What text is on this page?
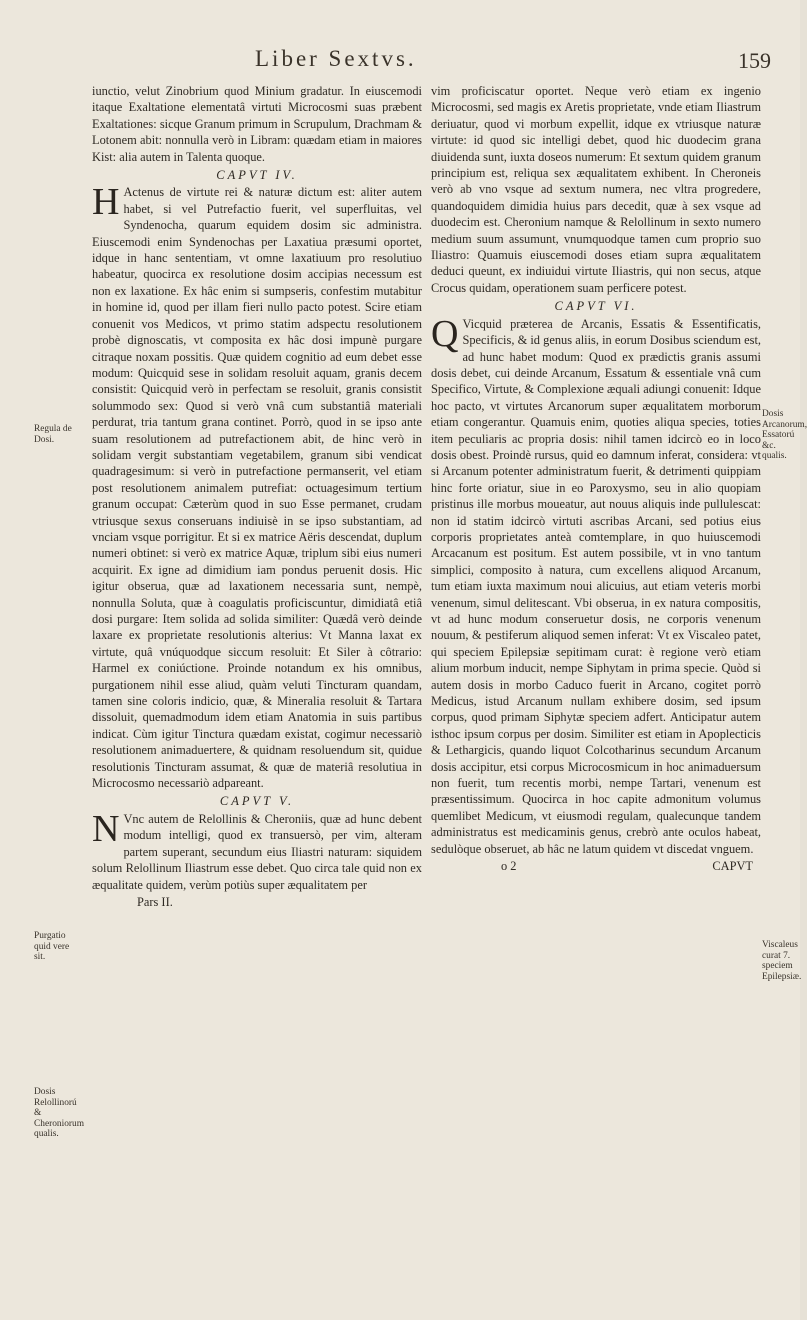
Liber Sextvs.	159

iunctio, velut Zinobrium quod Minium gradatur. In eiuscemodi itaque Exaltatione elementatâ virtuti Microcosmi suas præbent Exaltationes: sicque Granum primum in Scrupulum, Drachmam & Lotonem abit: nonnulla verò in Libram: quædam etiam in maiores Kist: alia autem in Talenta quoque.

CAPVT IV.

H Actenus de virtute rei & naturæ dictum est: aliter autem habet, si vel Putrefactio fuerit, vel superfluitas, vel Syndenocha, quarum equidem dosim sic administra. Eiuscemodi enim Syndenochas per Laxatiua præsumi oportet, idque in hanc sententiam, vt omne laxatiuum pro resolutiuo habeatur, quocirca ex resolutione dosim accipias necessum est non ex laxatione. Ex hâc enim si sumpseris, confestim mutabitur in homine id, quod per illam fieri nullo pacto potest. Scire etiam conuenit vos Medicos, vt primo statim adspectu resolutionem probè dignoscatis, vt composita ex hâc dosi impunè purgare citraque noxam possitis. Quæ quidem cognitio ad eum debet esse modum: Quicquid sese in solidam resoluit aquam, granis decem consistit: Quicquid verò in perfectam se resoluit, granis consistit solummodo sex: Quod si verò vnâ cum substantiâ materiali perdurat, tria tantum grana continet. Porrò, quod in se ipso ante suam resolutionem ad putrefactionem abit, de hinc verò in solidam vergit substantiam vegetabilem, granum sibi vendicat quadragesimum: si verò in putrefactione permanserit, vel etiam post resolutionem animalem putrefiat: octuagesimum tertium granum occupat: Cæterùm quod in suo Esse permanet, crudam vtriusque sexus conseruans indiuisè in se ipso substantiam, ad vnciam vsque porrigitur. Et si ex matrice Aëris descendat, duplum numeri obtinet: si verò ex matrice Aquæ, triplum sibi eius numeri acquirit. Ex igne ad dimidium iam pondus peruenit dosis. Hic igitur obserua, quæ ad laxationem necessaria sunt, nempè, nonnulla Soluta, quæ à coagulatis proficiscuntur, dimidiatâ etiâ dosi purgare: Item solida ad solida similiter: Quædâ verò deinde laxare ex proprietate resolutionis alterius: Vt Manna laxat ex virtute, quâ vnúquodque siccum resoluit: Et Siler à côtrario: Harmel ex coniúctione. Proinde notandum ex his omnibus, purgationem nihil esse aliud, quàm veluti Tincturam quandam, tamen sine coloris indicio, quæ, & Mineralia resoluit & Tartara dissoluit, quemadmodum idem etiam Anatomia in suis partibus indicat. Cùm igitur Tinctura quædam existat, cogimur necessariò resolutionem animaduertere, & quidnam resoluendum sit, quidue resolutionis Tincturam assumat, & quæ de materiâ resolutiua in Microcosmo necessariò adpareant.

CAPVT V.

N Vnc autem de Relollinis & Cheroniis, quæ ad hunc debent modum intelligi, quod ex transuersò, per vim, alteram partem superant, secundum eius Iliastri naturam: siquidem solum Relollinum Iliastrum esse debet. Quo circa tale quid non ex æqualitate quidem, verùm potiùs super æqualitatem per

Pars II.

vim proficiscatur oportet. Neque verò etiam ex ingenio Microcosmi, sed magis ex Aretis proprietate, vnde etiam Iliastrum deriuatur, quod vi morbum expellit, idque ex vtriusque naturæ virtute: id quod sic intelligi debet, quod hic duodecim grana diuidenda sunt, iuxta doseos numerum: Et sextum quidem granum principium est, reliqua sex æqualitatem exhibent. In Cheroneis verò ab vno vsque ad sextum numera, nec vltra progredere, quandoquidem dimidia huius pars decedit, quæ à sex vsque ad duodecim est. Cheronium namque & Relollinum in sexto numero medium suum assumunt, vnumquodque tamen cum proprio suo Iliastro: Quamuis eiuscemodi doses etiam supra æqualitatem deduci queunt, ex indiuidui virtute Iliastris, qui non secus, atque Crocus quidam, operationem suam perficere potest.

CAPVT VI.

Q Vicquid præterea de Arcanis, Essatis & Essentificatis, Specificis, & id genus aliis, in eorum Dosibus sciendum est, ad hunc habet modum: Quod ex prædictis granis assumi dosis debet, cui deinde Arcanum, Essatum & essentiale vnâ cum Specifico, Virtute, & Complexione æquali adiungi conuenit: Idque hoc pacto, vt virtutes Arcanorum super æqualitatem morborum etiam congerantur. Quamuis enim, quoties aliqua species, toties item peculiaris ac propria dosis: nihil tamen idcircò eo in loco dosis obest. Proindè rursus, quid eo damnum inferat, considera: vt si Arcanum potenter administratum fuerit, & detrimenti quippiam hinc forte oriatur, siue in eo Paroxysmo, seu in alio quopiam pristinus ille morbus moueatur, aut nouus aliquis inde pullulescat: non id statim idcircò virtuti ascribas Arcani, sed potius eius corporis proprietates anteà comtemplare, in quo huiuscemodi Arcacanum est positum. Est autem possibile, vt in vno tantum simplici, composito à natura, cum excellens aliquod Arcanum, tum etiam iuxta maximum noui alicuius, aut etiam veteris morbi venenum, simul delitescant. Vbi obserua, in ex natura compositis, vt ad hunc modum conseruetur dosis, ne corporis venenum nouum, & pestiferum aliquod semen inferat: Vt ex Viscaleo patet, qui speciem Epilepsiæ sepitimam curat: è regione verò etiam alium morbum inducit, nempe Siphytam in prima specie. Quòd si autem dosis in morbo Caduco fuerit in Arcano, cogitet porrò Medicus, istud Arcanum nullam exhibere dosim, sed ipsum corpus, quod primam Siphytæ speciem adfert. Anticipatur autem isthoc ipsum corpus per dosim. Similiter est etiam in Apoplecticis & Lethargicis, quando liquot Colcotharinus secundum Arcanum dosis accipitur, etsi corpus Microcosmicum in hoc animaduersum non fuerit, tum recentis morbi, nempe Tartari, venenum est præsentissimum. Quocirca in hoc capite admonitum volumus quemlibet Medicum, vt eiusmodi regulam, qualecunque tandem administratus est medicaminis genus, crebrò ante oculos habeat, sedulòque obseruet, ab hâc ne latum quidem vt discedat vnguem.

o 2	CAPVT
Regula de Dosi.
Purgatio quid vere sit.
Dosis Relollinorú & Cheroniorum qualis.
Dosis Arcanorum, Essatorú &c. qualis.
Viscaleus curat 7. speciem Epilepsiæ.
